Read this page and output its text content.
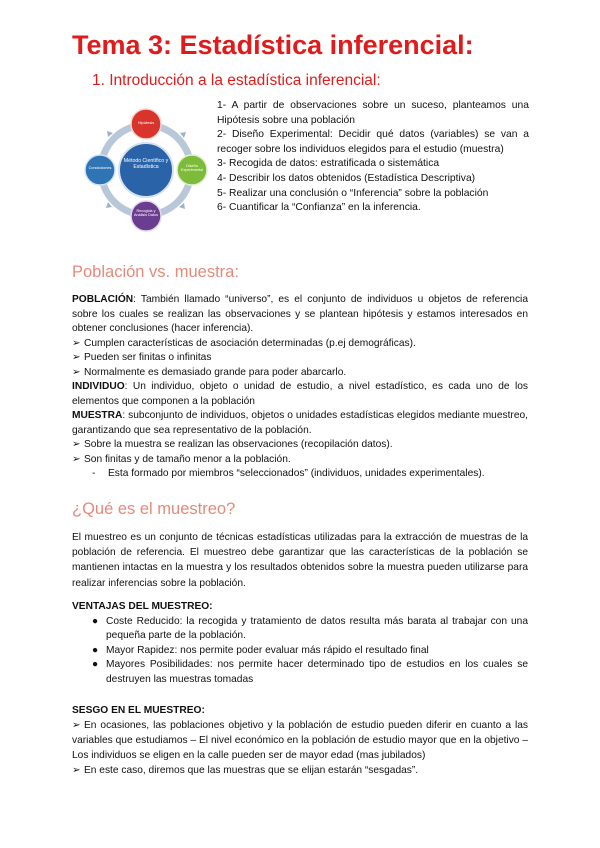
Tema 3: Estadística inferencial:
1. Introducción a la estadística inferencial:
Método Científico y Estadística
Hipótesis
Diseño Experimental
Recogida y Análisis Datos
Conclusiones
1- A partir de observaciones sobre un suceso, planteamos una Hipótesis sobre una población
2- Diseño Experimental: Decidir qué datos (variables) se van a recoger sobre los individuos elegidos para el estudio (muestra)
3- Recogida de datos: estratificada o sistemática
4- Describir los datos obtenidos (Estadística Descriptiva)
5- Realizar una conclusión o “Inferencia” sobre la población
6- Cuantificar la “Confianza” en la inferencia.
Población vs. muestra:

POBLACIÓN: También llamado “universo”, es el conjunto de individuos u objetos de referencia sobre los cuales se realizan las observaciones y se plantean hipótesis y estamos interesados en obtener conclusiones (hacer inferencia).

➢ Cumplen características de asociación determinadas (p.ej demográficas).

➢ Pueden ser finitas o infinitas

➢ Normalmente es demasiado grande para poder abarcarlo.

INDIVIDUO: Un individuo, objeto o unidad de estudio, a nivel estadístico, es cada uno de los elementos que componen a la población

MUESTRA: subconjunto de individuos, objetos o unidades estadísticas elegidos mediante muestreo, garantizando que sea representativo de la población.

➢ Sobre la muestra se realizan las observaciones (recopilación datos).

➢ Son finitas y de tamaño menor a la población.

-	Esta formado por miembros “seleccionados” (individuos, unidades experimentales).

¿Qué es el muestreo?

El muestreo es un conjunto de técnicas estadísticas utilizadas para la extracción de muestras de la población de referencia. El muestreo debe garantizar que las características de la población se mantienen intactas en la muestra y los resultados obtenidos sobre la muestra pueden utilizarse para realizar inferencias sobre la población.

VENTAJAS DEL MUESTREO:

● Coste Reducido: la recogida y tratamiento de datos resulta más barata al trabajar con una pequeña parte de la población.

● Mayor Rapidez: nos permite poder evaluar más rápido el resultado final

● Mayores Posibilidades: nos permite hacer determinado tipo de estudios en los cuales se destruyen las muestras tomadas

SESGO EN EL MUESTREO:

➢ En ocasiones, las poblaciones objetivo y la población de estudio pueden diferir en cuanto a las variables que estudiamos – El nivel económico en la población de estudio mayor que en la objetivo –Los individuos se eligen en la calle pueden ser de mayor edad (mas jubilados)

➢ En este caso, diremos que las muestras que se elijan estarán “sesgadas”.
